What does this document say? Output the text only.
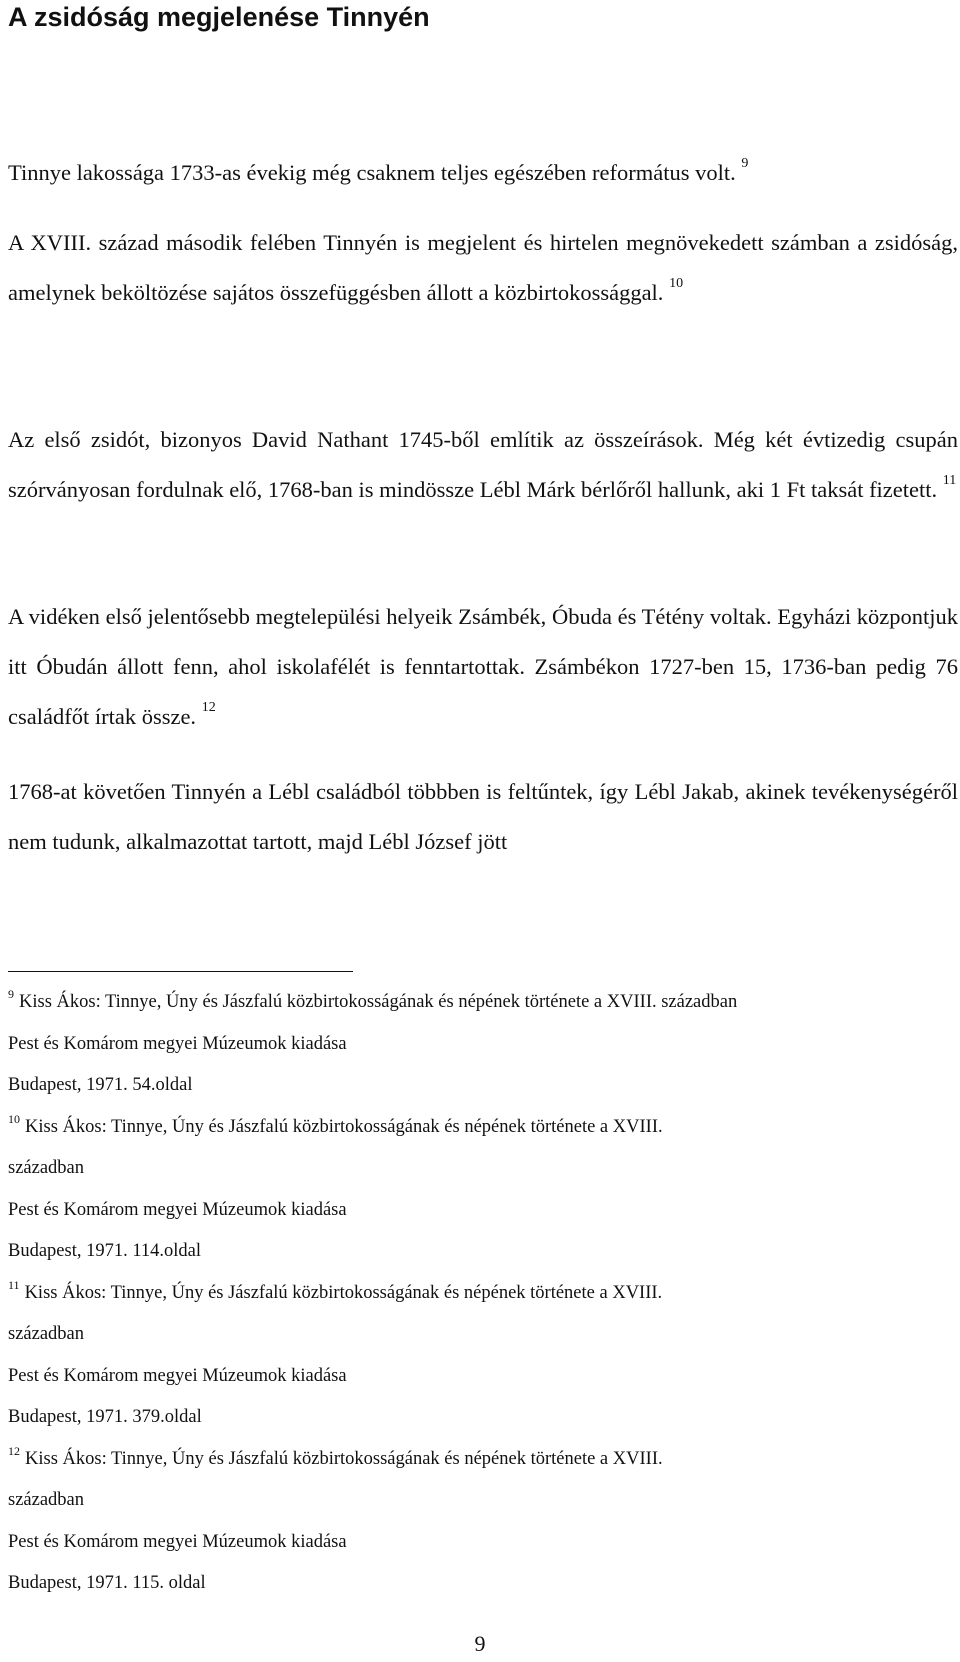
A zsidóság megjelenése Tinnyén

Tinnye lakossága 1733-as évekig még csaknem teljes egészében református volt. $^9$

A XVIII. század második felében Tinnyén is megjelent és hirtelen megnövekedett számban a zsidóság, amelynek beköltözése sajátos összefüggésben állott a közbirtokossággal. $^{10}$

Az első zsidót, bizonyos David Nathant 1745-ből említik az összeírások. Még két évtizedig csupán szórványosan fordulnak elő, 1768-ban is mindössze Lébl Márk bérlőről hallunk, aki 1 Ft taksát fizetett. $^{11}$

A vidéken első jelentősebb megtelepülési helyeik Zsámbék, Óbuda és Tétény voltak. Egyházi központjuk itt Óbudán állott fenn, ahol iskolafélét is fenntartottak. Zsámbékon 1727-ben 15, 1736-ban pedig 76 családfőt írtak össze. $^{12}$

1768-at követően Tinnyén a Lébl családból többben is feltűntek, így Lébl Jakab, akinek tevékenységéről nem tudunk, alkalmazottat tartott, majd Lébl József jött

$^9$ Kiss Ákos: Tinnye, Úny és Jászfalú közbirtokosságának és népének története a XVIII. században
Pest és Komárom megyei Múzeumok kiadása
Budapest, 1971. 54.oldal
$^{10}$ Kiss Ákos: Tinnye, Úny és Jászfalú közbirtokosságának és népének története a XVIII.
században
Pest és Komárom megyei Múzeumok kiadása
Budapest, 1971. 114.oldal
$^{11}$ Kiss Ákos: Tinnye, Úny és Jászfalú közbirtokosságának és népének története a XVIII.
században
Pest és Komárom megyei Múzeumok kiadása
Budapest, 1971. 379.oldal
$^{12}$ Kiss Ákos: Tinnye, Úny és Jászfalú közbirtokosságának és népének története a XVIII.
században
Pest és Komárom megyei Múzeumok kiadása
Budapest, 1971. 115. oldal
9
